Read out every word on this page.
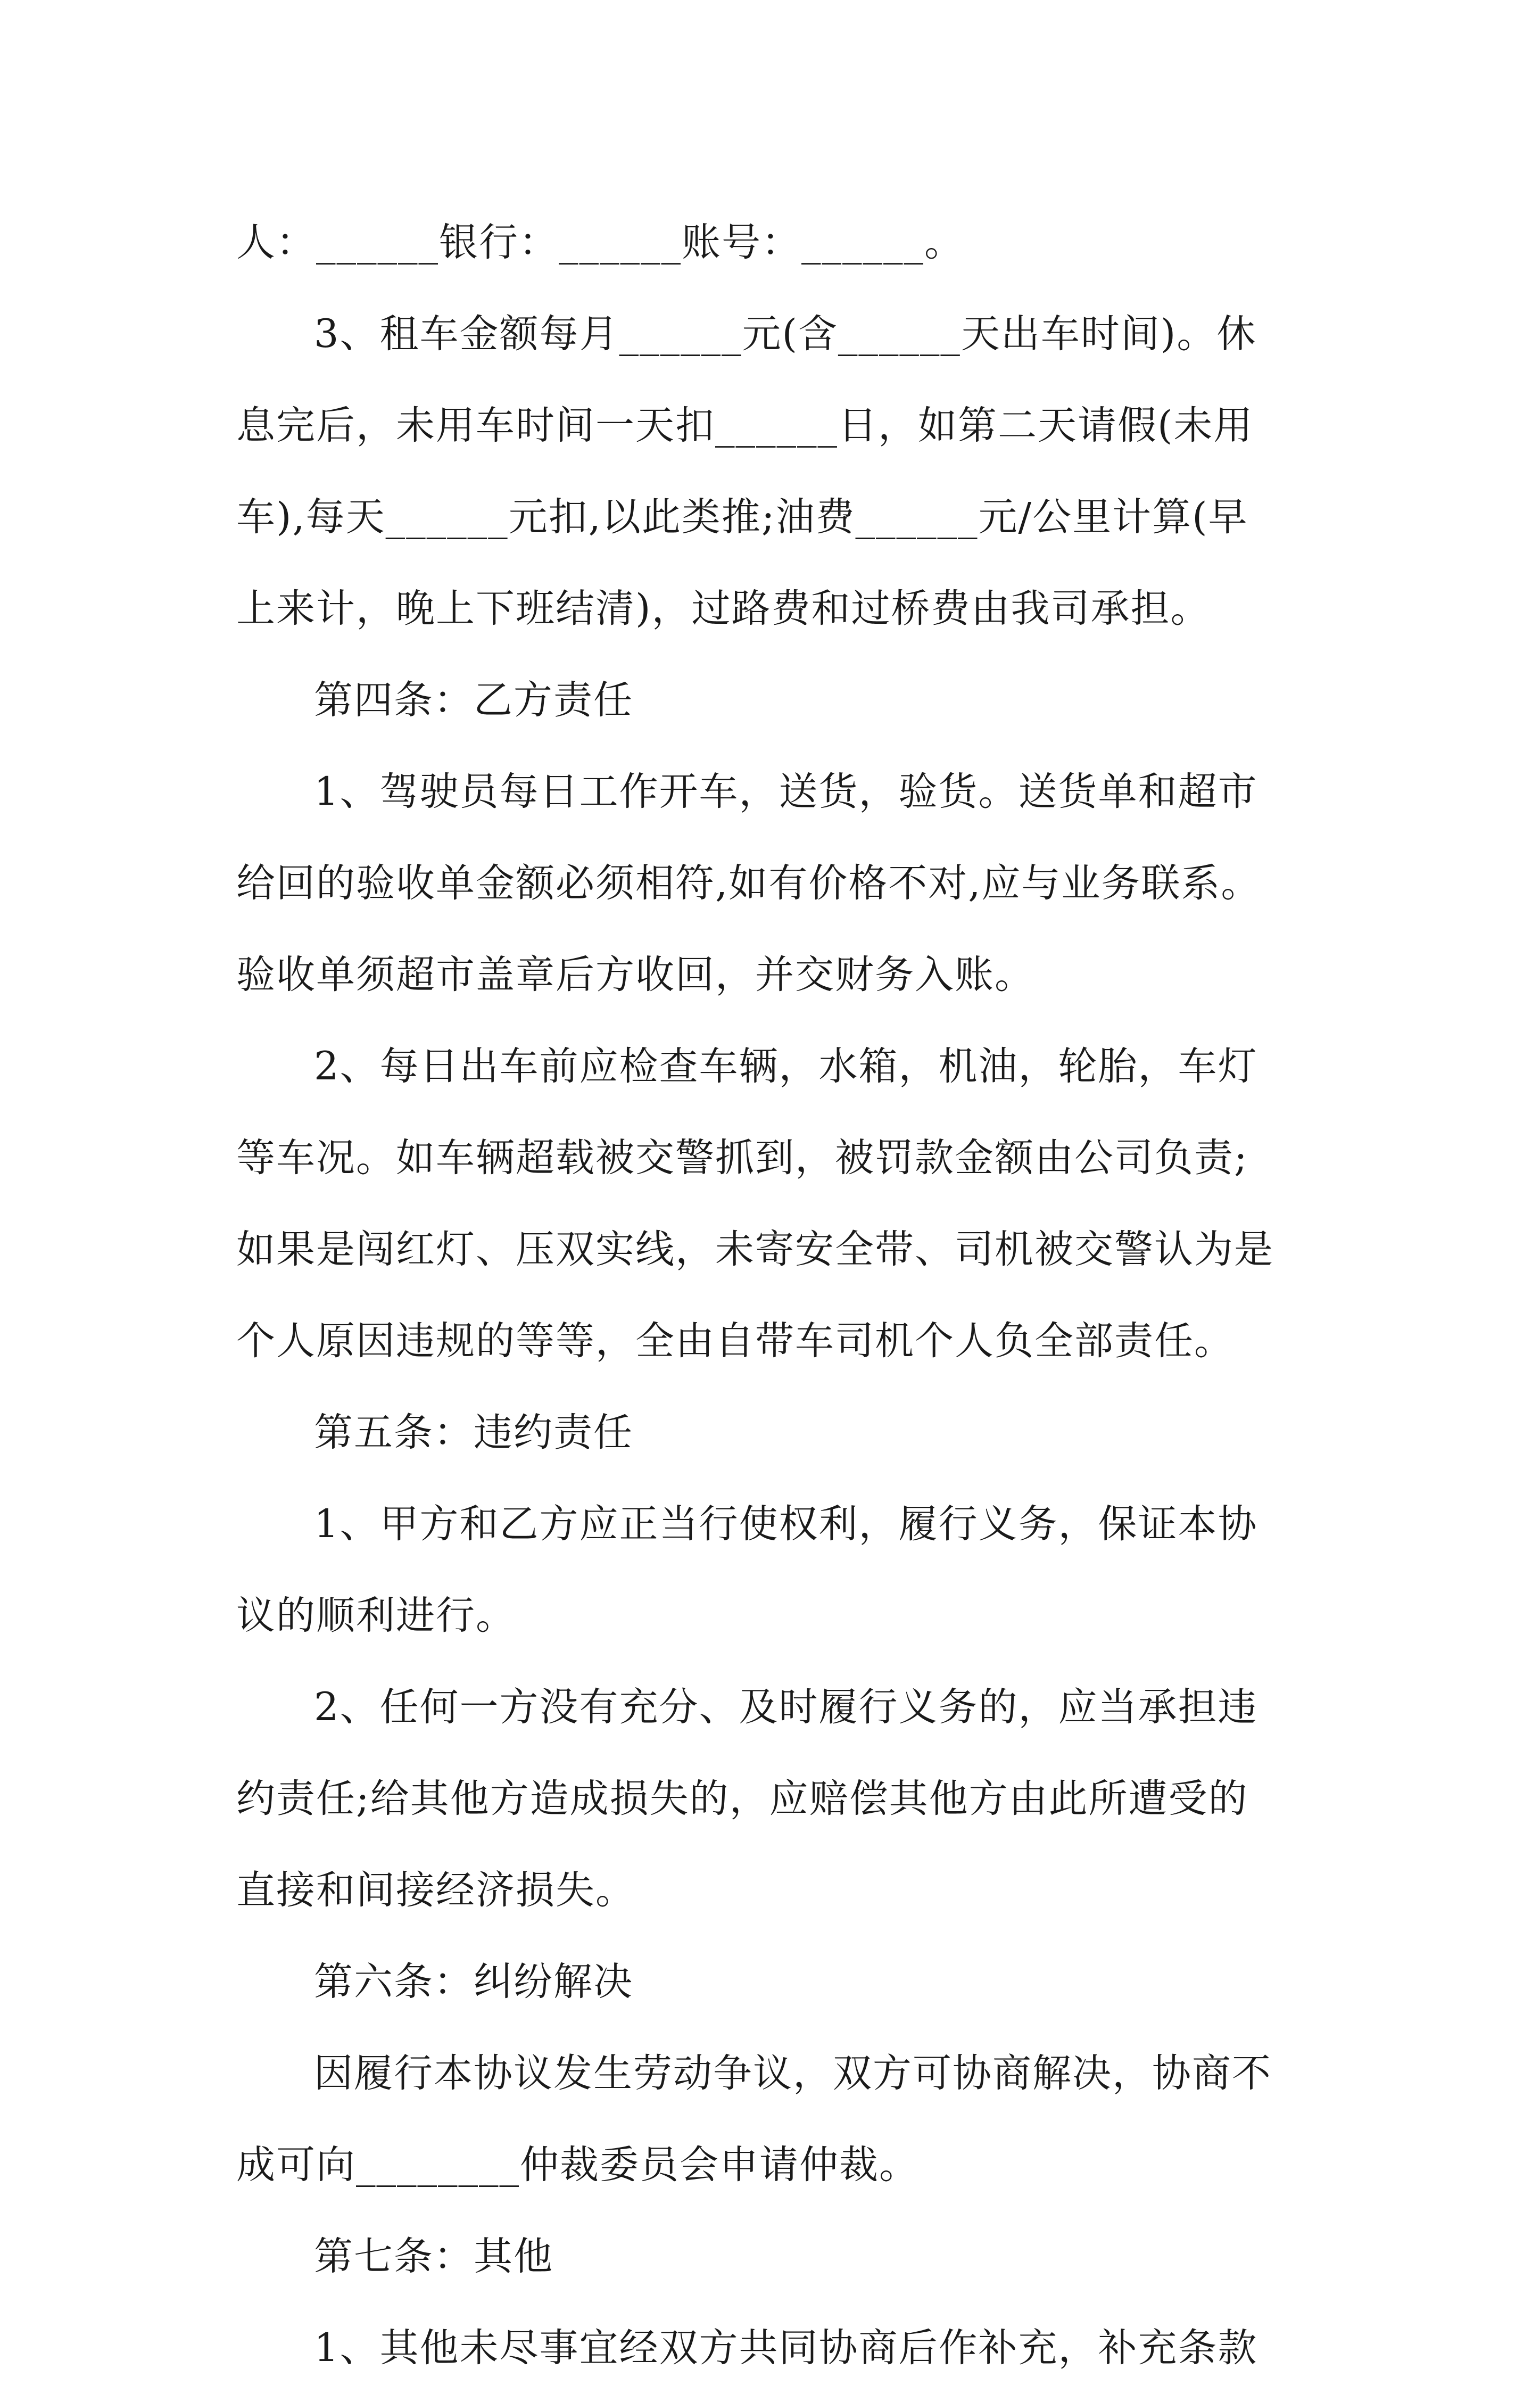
人：______银行：______账号：______。
3、租车金额每月______元(含______天出车时间)。休
息完后，未用车时间一天扣______日，如第二天请假(未用
车),每天______元扣,以此类推;油费______元/公里计算(早
上来计，晚上下班结清)，过路费和过桥费由我司承担。
第四条：乙方责任
1、驾驶员每日工作开车，送货，验货。送货单和超市
给回的验收单金额必须相符,如有价格不对,应与业务联系。
验收单须超市盖章后方收回，并交财务入账。
2、每日出车前应检查车辆，水箱，机油，轮胎，车灯
等车况。如车辆超载被交警抓到，被罚款金额由公司负责;
如果是闯红灯、压双实线，未寄安全带、司机被交警认为是
个人原因违规的等等，全由自带车司机个人负全部责任。
第五条：违约责任
1、甲方和乙方应正当行使权利，履行义务，保证本协
议的顺利进行。
2、任何一方没有充分、及时履行义务的，应当承担违
约责任;给其他方造成损失的，应赔偿其他方由此所遭受的
直接和间接经济损失。
第六条：纠纷解决
因履行本协议发生劳动争议，双方可协商解决，协商不
成可向________仲裁委员会申请仲裁。
第七条：其他
1、其他未尽事宜经双方共同协商后作补充，补充条款
